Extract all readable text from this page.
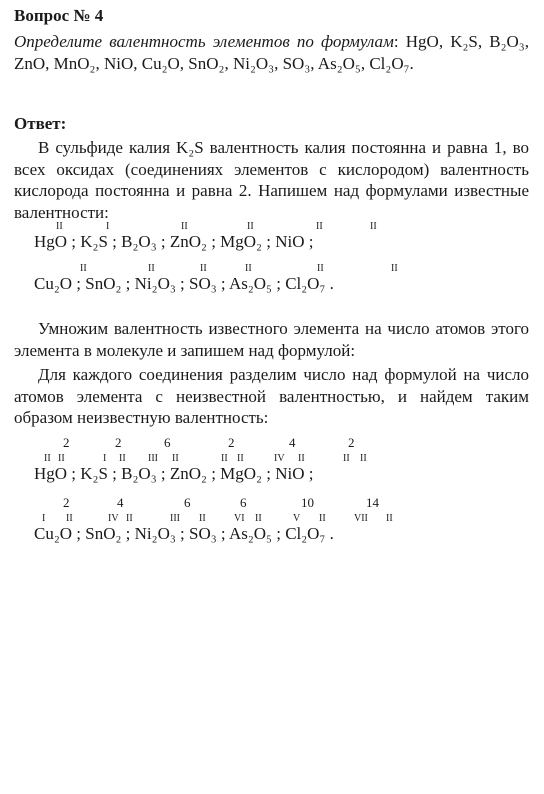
Вопрос № 4

Определите валентность элементов по формулам: HgO, K₂S, B₂O₃, ZnO, MnO₂, NiO, Cu₂O, SnO₂, Ni₂O₃, SO₃, As₂O₅, Cl₂O₇.

Ответ:

В сульфиде калия K₂S валентность калия постоянна и равна 1, во всех оксидах (соединениях элементов с кислородом) валентность кислорода постоянна и равна 2. Напишем над формулами известные валентности:

II

	I

	II

	II

	II

	II

HgO ; K₂S ; B₂O₃ ; ZnO₂ ; MgO₂ ; NiO ;

II

	II

	II

	II

	II

	II

Cu₂O ; SnO₂ ; Ni₂O₃ ; SO₃ ; As₂O₅ ; Cl₂O₇ .

Умножим валентность известного элемента на число атомов этого элемента в молекуле и запишем над формулой:

Для каждого соединения разделим число над формулой на число атомов элемента с неизвестной валентностью, и найдем таким образом неизвестную валентность:

2	2	6	2	4	2

II

II

	I

II

III

II

	II

II

	IV

II

	II

II

HgO ; K₂S ; B₂O₃ ; ZnO₂ ; MgO₂ ; NiO ;

2	4	6	6	10	14

I

II

	IV

II

	III

II

	VI

II

	V

II

	VII

II

Cu₂O ; SnO₂ ; Ni₂O₃ ; SO₃ ; As₂O₅ ; Cl₂O₇ .
